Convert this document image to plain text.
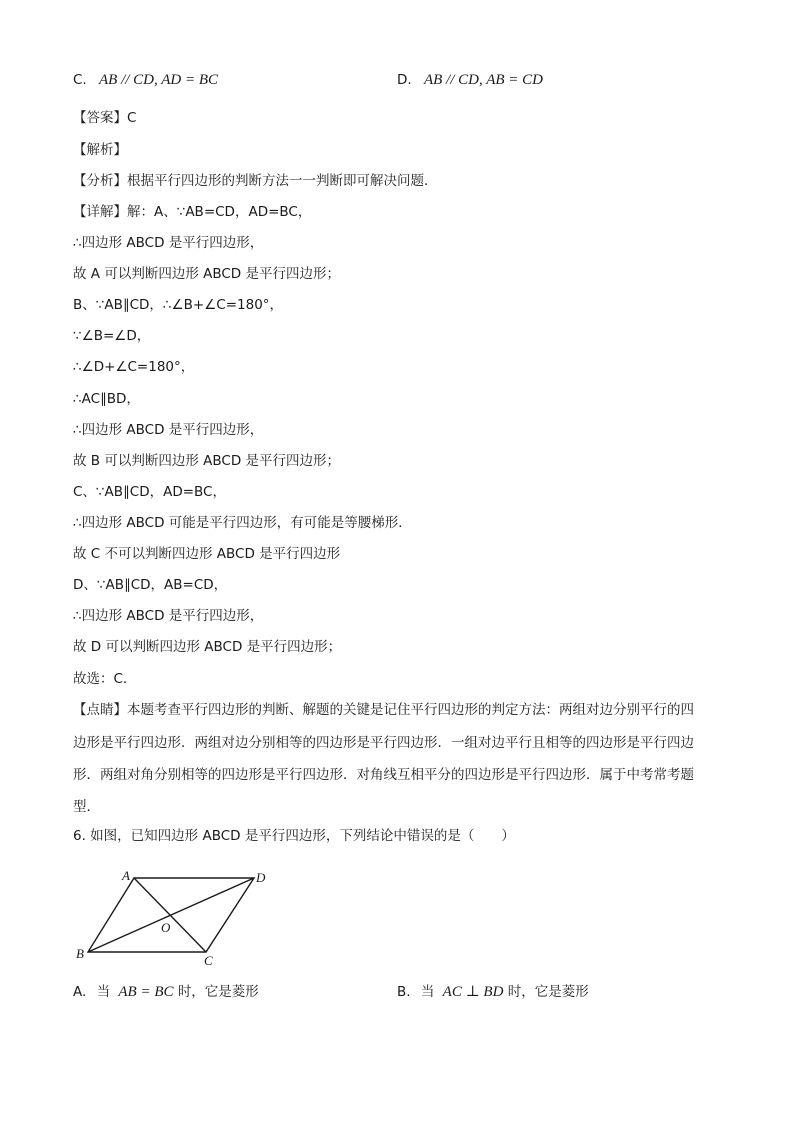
C. AB // CD, AD = BC	D. AB // CD, AB = CD
【答案】C
【解析】
【分析】根据平行四边形的判断方法一一判断即可解决问题．
【详解】解：A、∵AB=CD，AD=BC，
∴四边形 ABCD 是平行四边形，
故 A 可以判断四边形 ABCD 是平行四边形；
B、∵AB∥CD，∴∠B+∠C=180°，
∵∠B=∠D，
∴∠D+∠C=180°，
∴AC∥BD，
∴四边形 ABCD 是平行四边形，
故 B 可以判断四边形 ABCD 是平行四边形；
C、∵AB∥CD，AD=BC，
∴四边形 ABCD 可能是平行四边形，有可能是等腰梯形．
故 C 不可以判断四边形 ABCD 是平行四边形
D、∵AB∥CD，AB=CD，
∴四边形 ABCD 是平行四边形，
故 D 可以判断四边形 ABCD 是平行四边形；
故选：C．
【点睛】本题考查平行四边形的判断、解题的关键是记住平行四边形的判定方法：两组对边分别平行的四
边形是平行四边形．两组对边分别相等的四边形是平行四边形．一组对边平行且相等的四边形是平行四边
形．两组对角分别相等的四边形是平行四边形．对角线互相平分的四边形是平行四边形．属于中考常考题
型．
6. 如图，已知四边形 ABCD 是平行四边形，下列结论中错误的是（　　）
A	D
B	C
O
A. 当 AB = BC 时，它是菱形	B. 当 AC ⊥ BD 时，它是菱形
